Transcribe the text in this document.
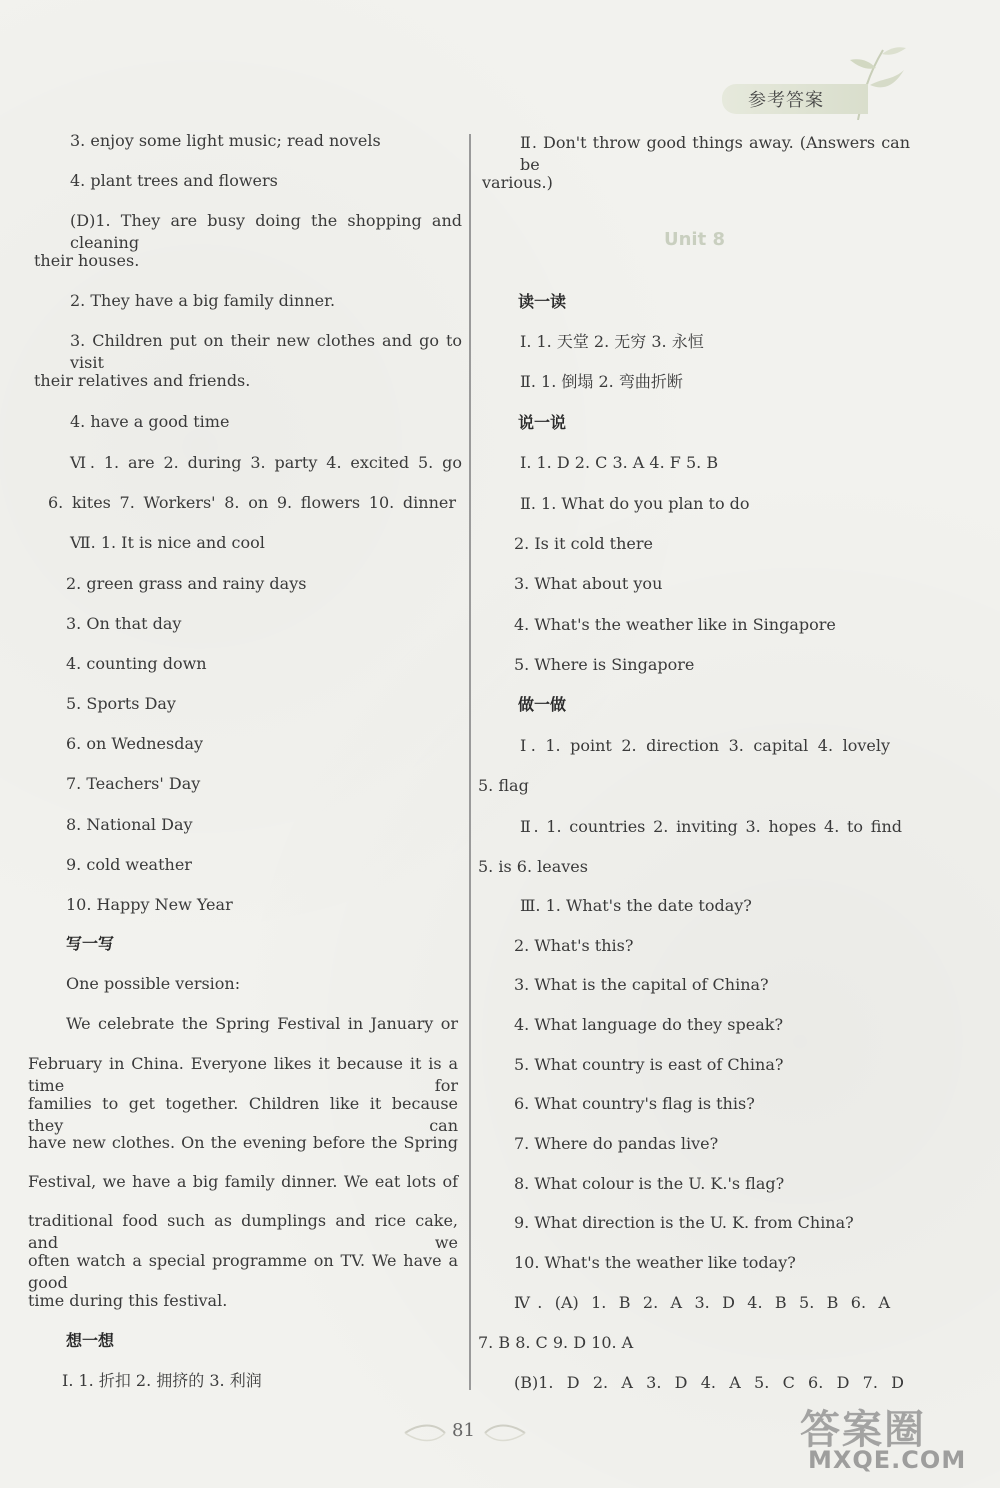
参考答案
3. enjoy some light music; read novels
4. plant trees and flowers
(D)1. They are busy doing the shopping and cleaning
their houses.
2. They have a big family dinner.
3. Children put on their new clothes and go to visit
their relatives and friends.
4. have a good time
Ⅵ. 1. are 2. during 3. party 4. excited 5. go
6. kites 7. Workers' 8. on 9. flowers 10. dinner
Ⅶ. 1. It is nice and cool
2. green grass and rainy days
3. On that day
4. counting down
5. Sports Day
6. on Wednesday
7. Teachers' Day
8. National Day
9. cold weather
10. Happy New Year
写一写
One possible version:
We celebrate the Spring Festival in January or
February in China. Everyone likes it because it is a time for
families to get together. Children like it because they can
have new clothes. On the evening before the Spring
Festival, we have a big family dinner. We eat lots of
traditional food such as dumplings and rice cake, and we
often watch a special programme on TV. We have a good
time during this festival.
想一想
Ⅰ. 1. 折扣 2. 拥挤的 3. 利润
Ⅱ. Don't throw good things away. (Answers can be
various.)
Unit 8
读一读
Ⅰ. 1. 天堂 2. 无穷 3. 永恒
Ⅱ. 1. 倒塌 2. 弯曲折断
说一说
Ⅰ. 1. D 2. C 3. A 4. F 5. B
Ⅱ. 1. What do you plan to do
2. Is it cold there
3. What about you
4. What's the weather like in Singapore
5. Where is Singapore
做一做
Ⅰ. 1. point 2. direction 3. capital 4. lovely
5. flag
Ⅱ. 1. countries 2. inviting 3. hopes 4. to find
5. is 6. leaves
Ⅲ. 1. What's the date today?
2. What's this?
3. What is the capital of China?
4. What language do they speak?
5. What country is east of China?
6. What country's flag is this?
7. Where do pandas live?
8. What colour is the U. K.'s flag?
9. What direction is the U. K. from China?
10. What's the weather like today?
Ⅳ. (A) 1. B 2. A 3. D 4. B 5. B 6. A
7. B 8. C 9. D 10. A
(B)1. D 2. A 3. D 4. A 5. C 6. D 7. D
81	答案圈
MXQE.COM
